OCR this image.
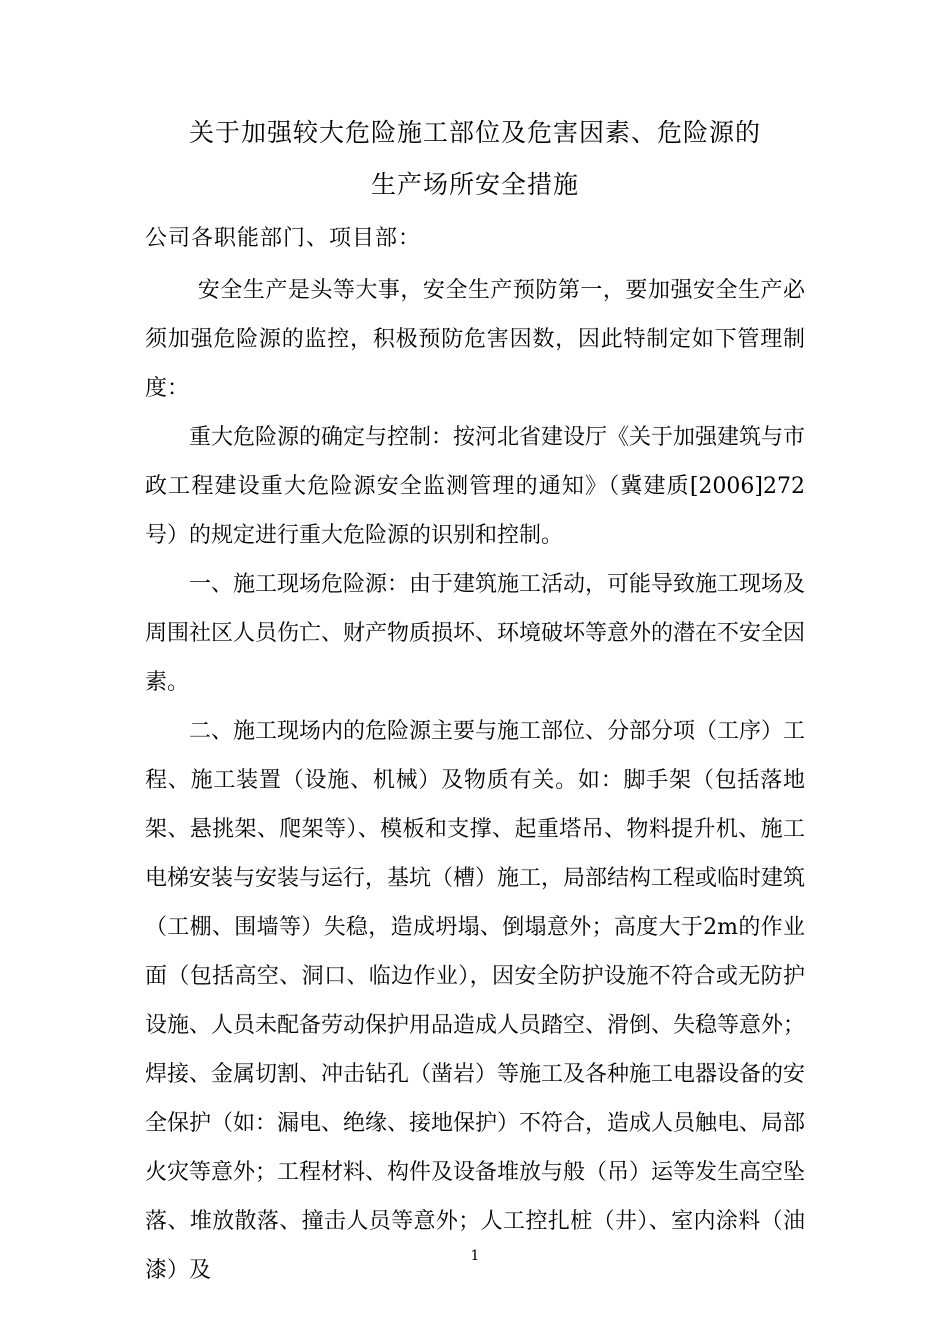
关于加强较大危险施工部位及危害因素、危险源的
生产场所安全措施
公司各职能部门、项目部：

安全生产是头等大事，安全生产预防第一，要加强安全生产必须加强危险源的监控，积极预防危害因数，因此特制定如下管理制度：

重大危险源的确定与控制：按河北省建设厅《关于加强建筑与市政工程建设重大危险源安全监测管理的通知》（冀建质[2006]272号）的规定进行重大危险源的识别和控制。

一、施工现场危险源：由于建筑施工活动，可能导致施工现场及周围社区人员伤亡、财产物质损坏、环境破坏等意外的潜在不安全因素。

二、施工现场内的危险源主要与施工部位、分部分项（工序）工程、施工装置（设施、机械）及物质有关。如：脚手架（包括落地架、悬挑架、爬架等）、模板和支撑、起重塔吊、物料提升机、施工电梯安装与安装与运行，基坑（槽）施工，局部结构工程或临时建筑（工棚、围墙等）失稳，造成坍塌、倒塌意外；高度大于2m的作业面（包括高空、洞口、临边作业），因安全防护设施不符合或无防护设施、人员未配备劳动保护用品造成人员踏空、滑倒、失稳等意外；焊接、金属切割、冲击钻孔（凿岩）等施工及各种施工电器设备的安全保护（如：漏电、绝缘、接地保护）不符合，造成人员触电、局部火灾等意外；工程材料、构件及设备堆放与般（吊）运等发生高空坠落、堆放散落、撞击人员等意外；人工控扎桩（井）、室内涂料（油漆）及

1
